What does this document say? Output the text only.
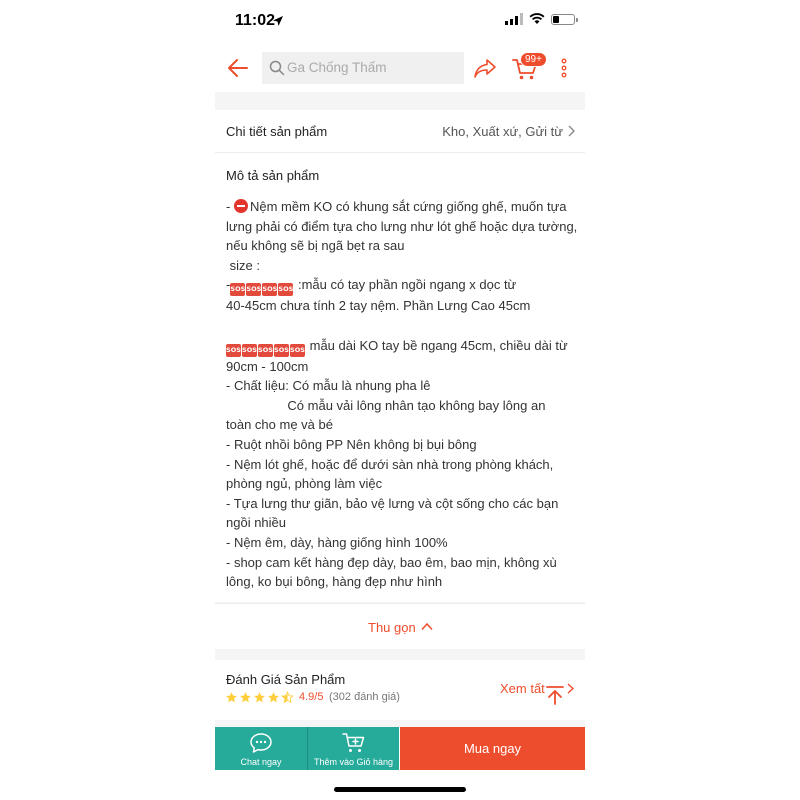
11:02
Ga Chống Thấm
99+
Chi tiết sản phẩm	Kho, Xuất xứ, Gửi từ
Mô tả sản phẩm
- Nệm mềm KO có khung sắt cứng giống ghế, muốn tựa
lưng phải có điểm tựa cho lưng như lót ghế hoặc dựa tường,
nếu không sẽ bị ngã bẹt ra sau
size :
-SOSSOSSOSSOS :mẫu có tay phần ngồi ngang x dọc từ
40-45cm chưa tính 2 tay nệm. Phần Lưng Cao 45cm

SOSSOSSOSSOSSOS mẫu dài KO tay bề ngang 45cm, chiều dài từ
90cm - 100cm
- Chất liệu: Có mẫu là nhung pha lê
Có mẫu vải lông nhân tạo không bay lông an
toàn cho mẹ và bé
- Ruột nhồi bông PP Nên không bị bụi bông
- Nệm lót ghế, hoặc để dưới sàn nhà trong phòng khách,
phòng ngủ, phòng làm việc
- Tựa lưng thư giãn, bảo vệ lưng và cột sống cho các bạn
ngồi nhiều
- Nệm êm, dày, hàng giống hình 100%
- shop cam kết hàng đẹp dày, bao êm, bao mịn, không xù
lông, ko bụi bông, hàng đẹp như hình
Thu gọn
Đánh Giá Sản Phẩm
4.9/5 (302 đánh giá)
Xem tất
Chat ngay	Thêm vào Giỏ hàng
Mua ngay
